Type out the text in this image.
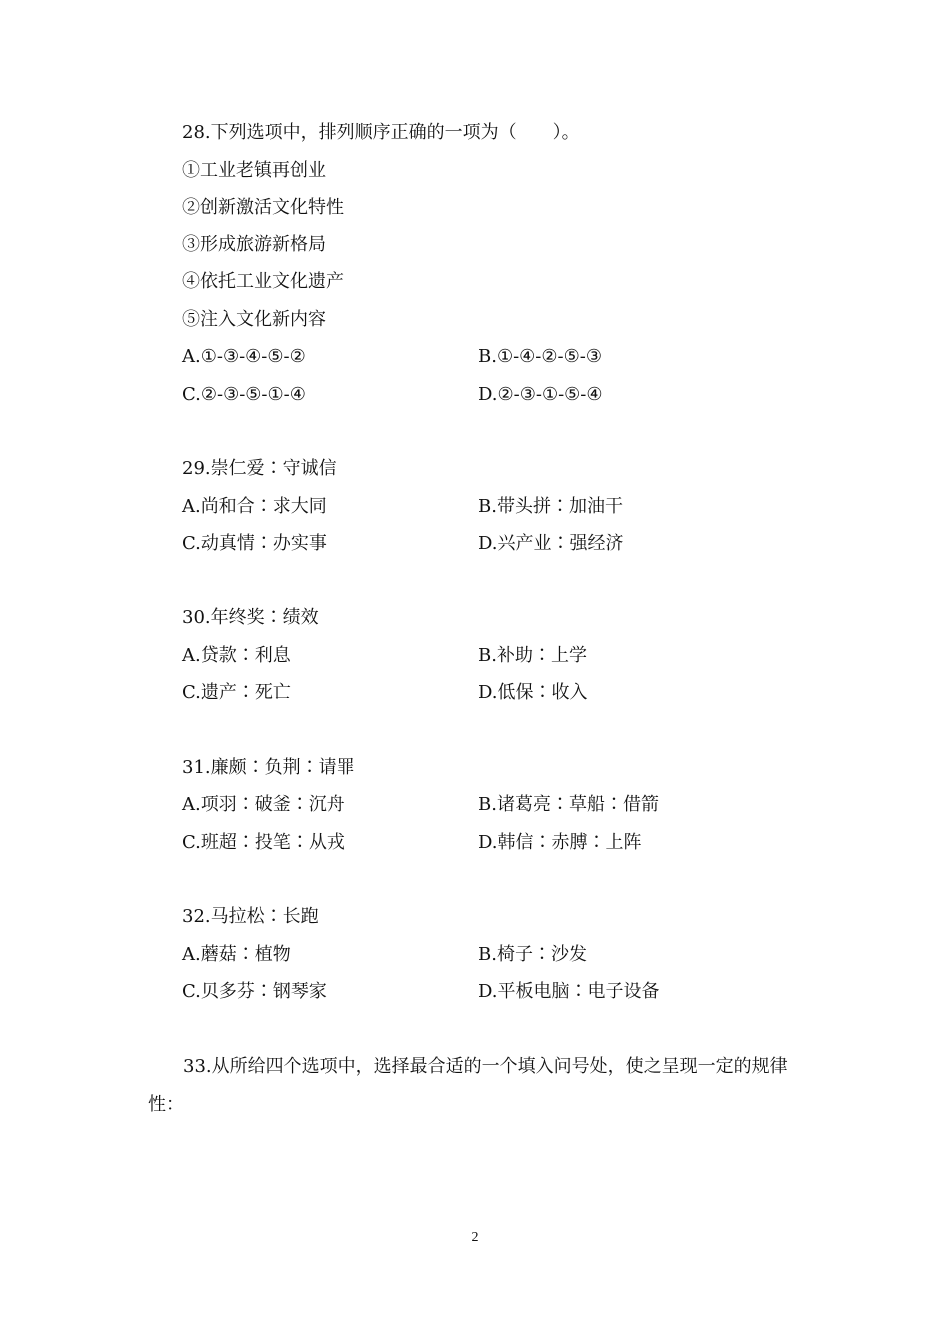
28.下列选项中，排列顺序正确的一项为（　　）。
①工业老镇再创业
②创新激活文化特性
③形成旅游新格局
④依托工业文化遗产
⑤注入文化新内容
A.①-③-④-⑤-②	B.①-④-②-⑤-③
C.②-③-⑤-①-④	D.②-③-①-⑤-④
29.崇仁爱∶守诚信
A.尚和合∶求大同	B.带头拼∶加油干
C.动真情∶办实事	D.兴产业∶强经济
30.年终奖∶绩效
A.贷款∶利息	B.补助∶上学
C.遗产∶死亡	D.低保∶收入
31.廉颇∶负荆∶请罪
A.项羽∶破釜∶沉舟	B.诸葛亮∶草船∶借箭
C.班超∶投笔∶从戎	D.韩信∶赤膊∶上阵
32.马拉松∶长跑
A.蘑菇∶植物	B.椅子∶沙发
C.贝多芬∶钢琴家	D.平板电脑∶电子设备
33.从所给四个选项中，选择最合适的一个填入问号处，使之呈现一定的规律性：
2
